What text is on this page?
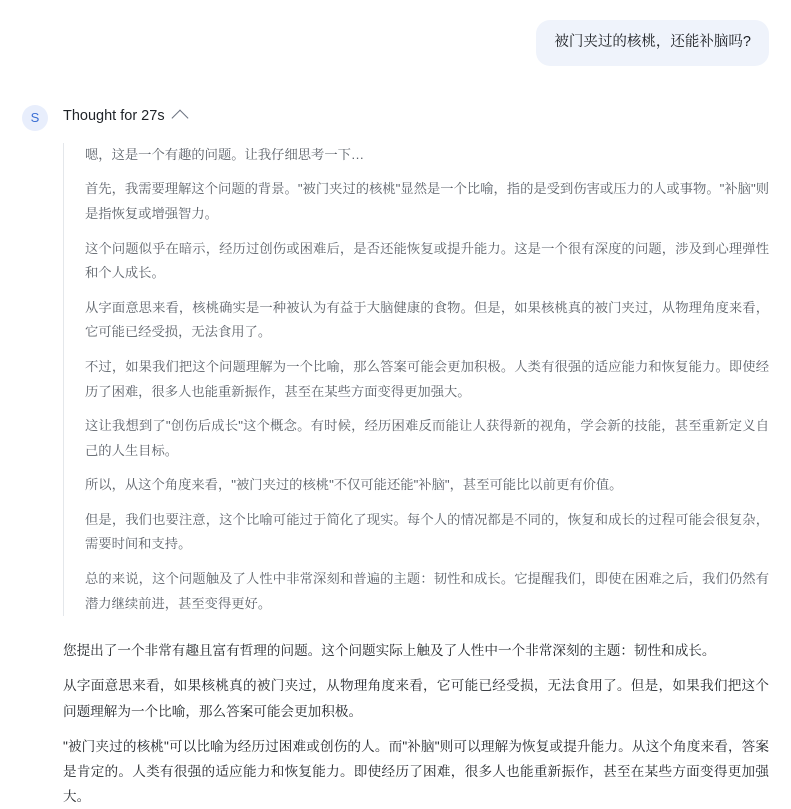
被门夹过的核桃，还能补脑吗?
S	Thought for 27s

嗯，这是一个有趣的问题。让我仔细思考一下…

首先，我需要理解这个问题的背景。"被门夹过的核桃"显然是一个比喻，指的是受到伤害或压力的人或事物。"补脑"则是指恢复或增强智力。

这个问题似乎在暗示，经历过创伤或困难后，是否还能恢复或提升能力。这是一个很有深度的问题，涉及到心理弹性和个人成长。

从字面意思来看，核桃确实是一种被认为有益于大脑健康的食物。但是，如果核桃真的被门夹过，从物理角度来看，它可能已经受损，无法食用了。

不过，如果我们把这个问题理解为一个比喻，那么答案可能会更加积极。人类有很强的适应能力和恢复能力。即使经历了困难，很多人也能重新振作，甚至在某些方面变得更加强大。

这让我想到了"创伤后成长"这个概念。有时候，经历困难反而能让人获得新的视角，学会新的技能，甚至重新定义自己的人生目标。

所以，从这个角度来看，"被门夹过的核桃"不仅可能还能"补脑"，甚至可能比以前更有价值。

但是，我们也要注意，这个比喻可能过于简化了现实。每个人的情况都是不同的，恢复和成长的过程可能会很复杂，需要时间和支持。

总的来说，这个问题触及了人性中非常深刻和普遍的主题：韧性和成长。它提醒我们，即使在困难之后，我们仍然有潜力继续前进，甚至变得更好。

您提出了一个非常有趣且富有哲理的问题。这个问题实际上触及了人性中一个非常深刻的主题：韧性和成长。

从字面意思来看，如果核桃真的被门夹过，从物理角度来看，它可能已经受损，无法食用了。但是，如果我们把这个问题理解为一个比喻，那么答案可能会更加积极。

"被门夹过的核桃"可以比喻为经历过困难或创伤的人。而"补脑"则可以理解为恢复或提升能力。从这个角度来看，答案是肯定的。人类有很强的适应能力和恢复能力。即使经历了困难，很多人也能重新振作，甚至在某些方面变得更加强大。
